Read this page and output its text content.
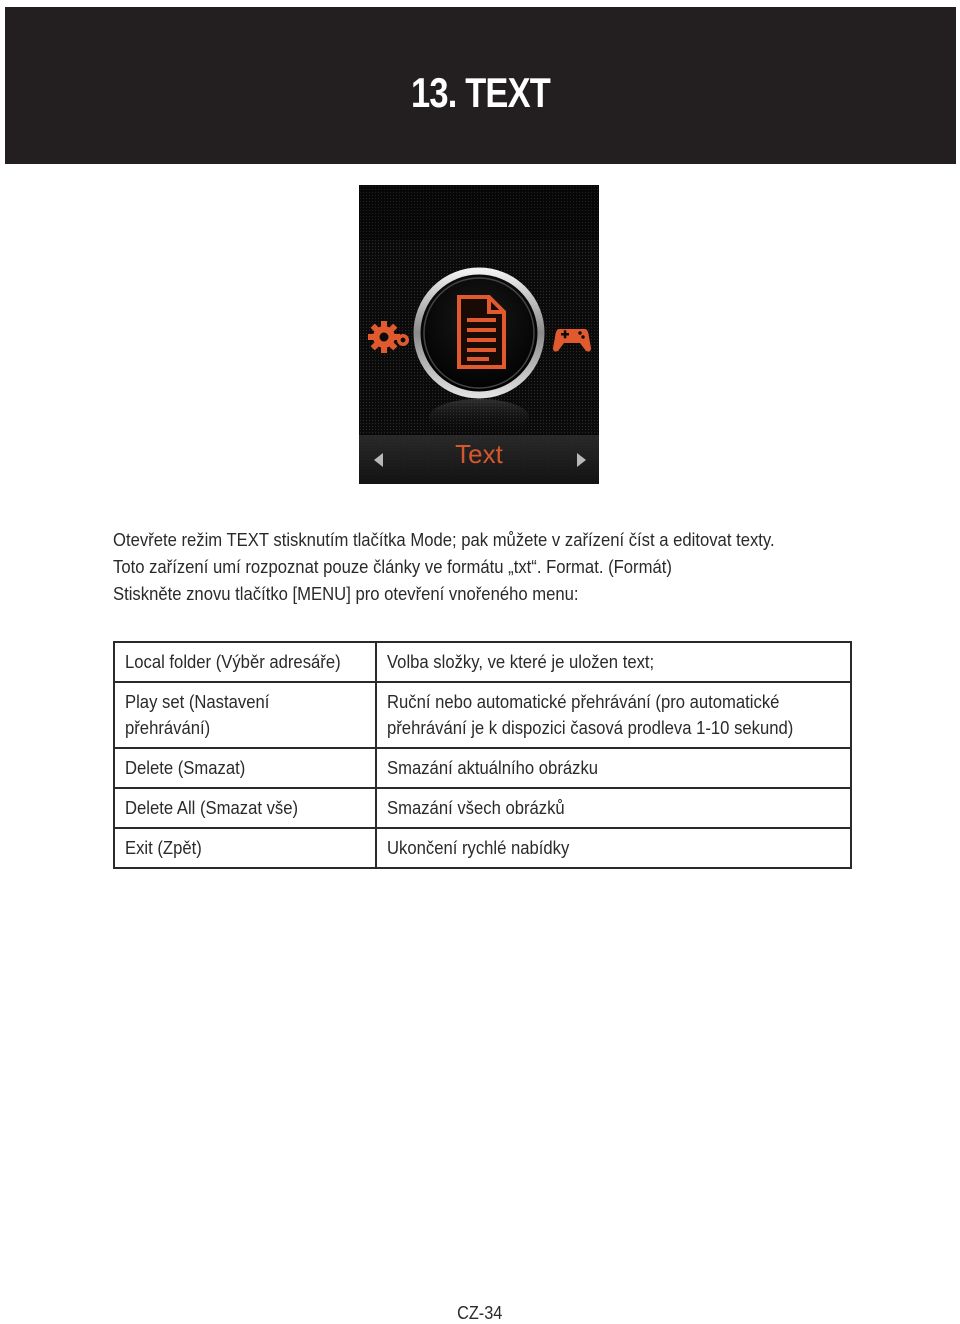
13. TEXT
Text
Otevřete režim TEXT stisknutím tlačítka Mode; pak můžete v zařízení číst a editovat texty.
Toto zařízení umí rozpoznat pouze články ve formátu „txt“. Format. (Formát)
Stiskněte znovu tlačítko [MENU] pro otevření vnořeného menu:
Local folder (Výběr adresáře)	Volba složky, ve které je uložen text;

Play set (Nastavení
přehrávání)	Ruční nebo automatické přehrávání (pro automatické
přehrávání je k dispozici časová prodleva 1-10 sekund)

Delete (Smazat)	Smazání aktuálního obrázku
Delete All (Smazat vše)	Smazání všech obrázků
Exit (Zpět)	Ukončení rychlé nabídky
CZ-34
